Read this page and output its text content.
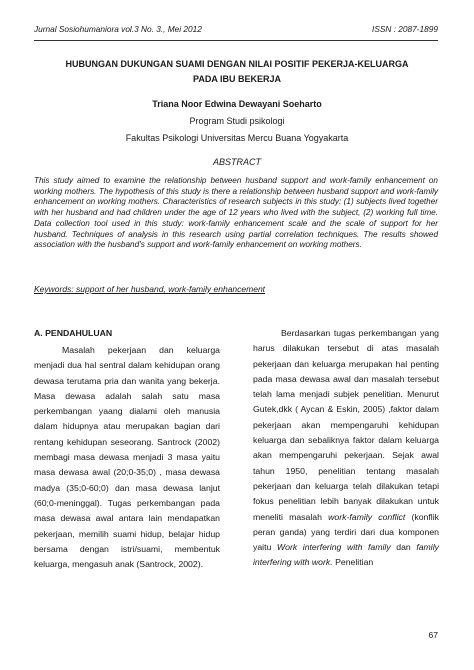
Jurnal Sosiohumaniora vol.3 No. 3., Mei 2012	ISSN : 2087-1899
HUBUNGAN DUKUNGAN SUAMI DENGAN NILAI POSITIF PEKERJA-KELUARGA
PADA IBU BEKERJA
Triana Noor Edwina Dewayani Soeharto
Program Studi psikologi
Fakultas Psikologi Universitas Mercu Buana Yogyakarta
ABSTRACT
This study aimed to examine the relationship between husband support and work-family enhancement on working mothers. The hypothesis of this study is there a relationship between husband support and work-family enhancement on working mothers. Characteristics of research subjects in this study: (1) subjects lived together with her husband and had children under the age of 12 years who lived with the subject, (2) working full time. Data collection tool used in this study: work-family enhancement scale and the scale of support for her husband. Techniques of analysis in this research using partial correlation techniques. The results showed association with the husband's support and work-family enhancement on working mothers.
Keywords: support of her husband, work-family enhancement
A. PENDAHULUAN

Masalah pekerjaan dan keluarga menjadi dua hal sentral dalam kehidupan orang dewasa terutama pria dan wanita yang bekerja. Masa dewasa adalah salah satu masa perkembangan yaang dialami oleh manusia dalam hidupnya atau merupakan bagian dari rentang kehidupan seseorang. Santrock (2002) membagi masa dewasa menjadi 3 masa yaitu masa dewasa awal (20;0-35;0) , masa dewasa madya (35;0-60;0) dan masa dewasa lanjut (60;0-meninggal). Tugas perkembangan pada masa dewasa awal antara lain mendapatkan pekerjaan, memilih suami hidup, belajar hidup bersama dengan istri/suami, membentuk keluarga, mengasuh anak (Santrock, 2002).

Berdasarkan tugas perkembangan yang harus dilakukan tersebut di atas masalah pekerjaan dan keluarga merupakan hal penting pada masa dewasa awal dan masalah tersebut telah lama menjadi subjek penelitian. Menurut Gutek,dkk ( Aycan & Eskin, 2005) ,faktor dalam pekerjaan akan mempengaruhi kehidupan keluarga dan sebaliknya faktor dalam keluarga akan mempengaruhi pekerjaan. Sejak awal tahun 1950, penelitian tentang masalah pekerjaan dan keluarga telah dilakukan tetapi fokus penelitian lebih banyak dilakukan untuk meneliti masalah work-family conflict (konflik peran ganda) yang terdiri dari dua komponen yaitu Work interfering with family dan family interfering with work. Penelitian

67
